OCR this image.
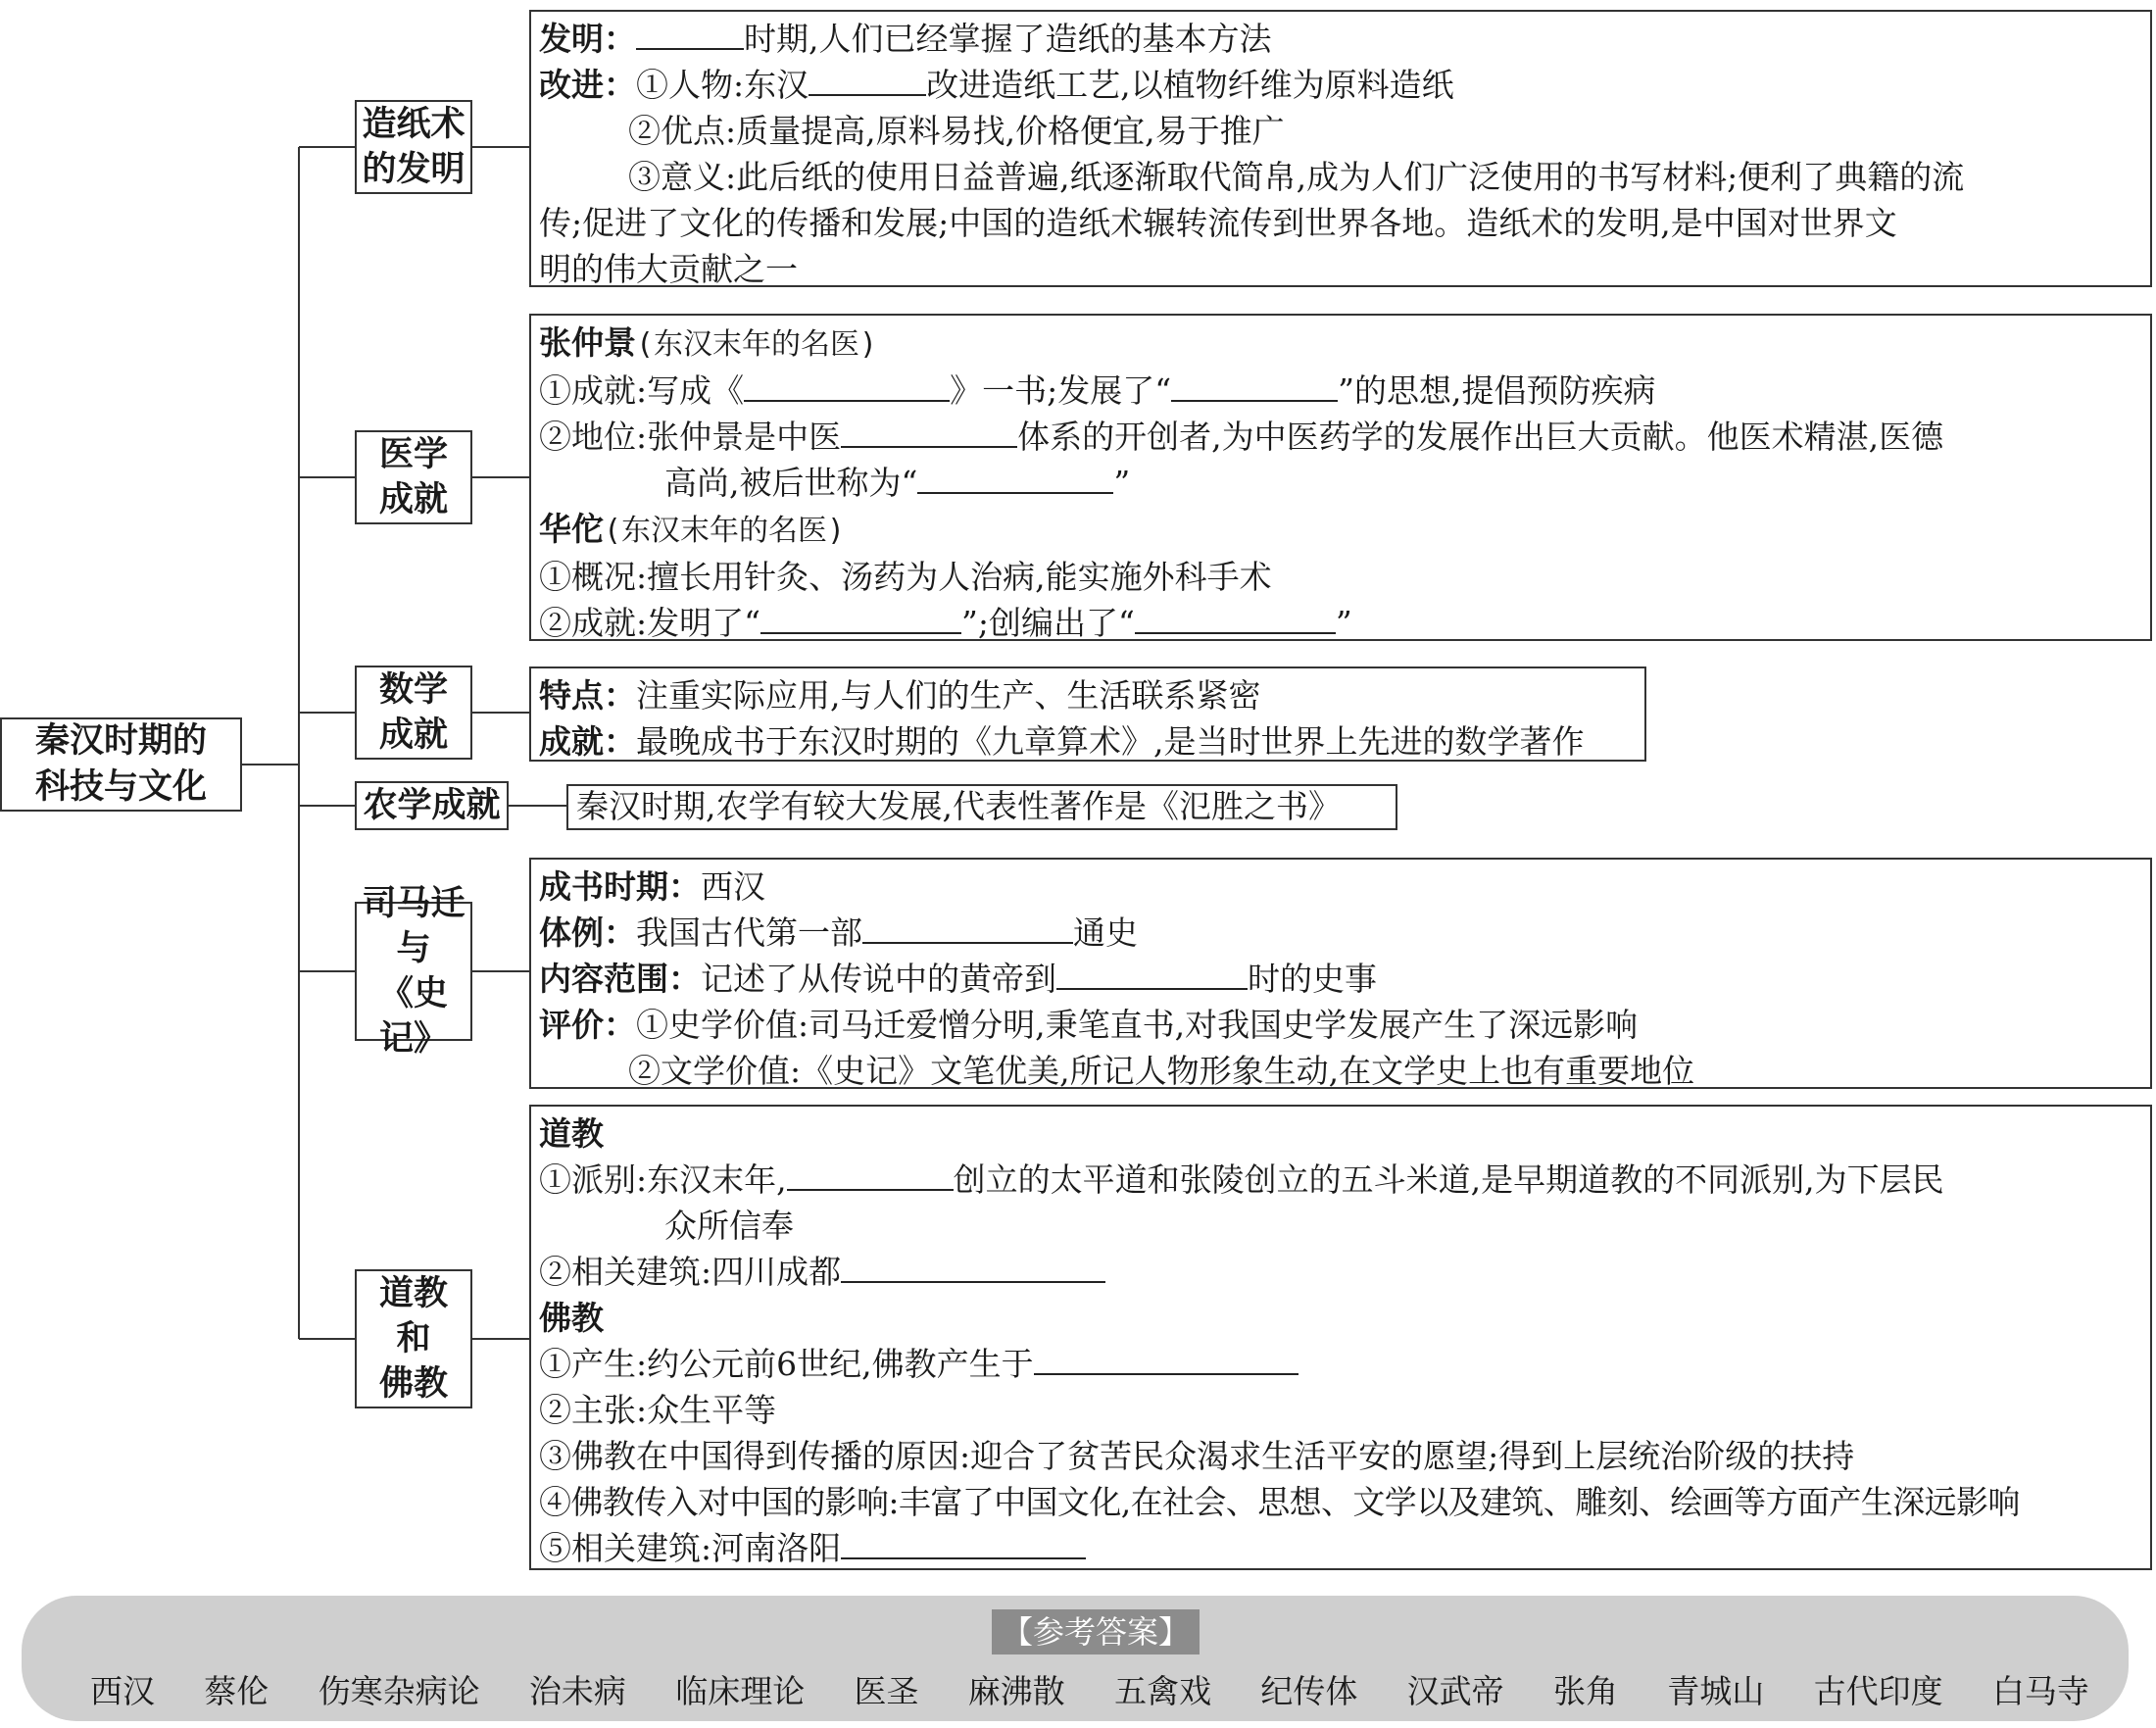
秦汉时期的
科技与文化
造纸术
的发明
发明：	时期,人们已经掌握了造纸的基本方法
改进：①人物:东汉	改进造纸工艺,以植物纤维为原料造纸
②优点:质量提高,原料易找,价格便宜,易于推广
③意义:此后纸的使用日益普遍,纸逐渐取代简帛,成为人们广泛使用的书写材料;便利了典籍的流
传;促进了文化的传播和发展;中国的造纸术辗转流传到世界各地。造纸术的发明,是中国对世界文
明的伟大贡献之一
医学
成就
张仲景(东汉末年的名医)
①成就:写成《	》一书;发展了“	”的思想,提倡预防疾病
②地位:张仲景是中医	体系的开创者,为中医药学的发展作出巨大贡献。他医术精湛,医德
高尚,被后世称为“	”
华佗(东汉末年的名医)
①概况:擅长用针灸、汤药为人治病,能实施外科手术
②成就:发明了“	”;创编出了“	”
数学
成就
特点：注重实际应用,与人们的生产、生活联系紧密
成就：最晚成书于东汉时期的《九章算术》,是当时世界上先进的数学著作
农学成就 秦汉时期,农学有较大发展,代表性著作是《氾胜之书》
司马迁
与
《史记》
成书时期：西汉
体例：我国古代第一部	通史
内容范围：记述了从传说中的黄帝到	时的史事
评价：①史学价值:司马迁爱憎分明,秉笔直书,对我国史学发展产生了深远影响
②文学价值:《史记》文笔优美,所记人物形象生动,在文学史上也有重要地位
道教
和
佛教
道教
①派别:东汉末年,	创立的太平道和张陵创立的五斗米道,是早期道教的不同派别,为下层民
众所信奉
②相关建筑:四川成都
佛教
①产生:约公元前6世纪,佛教产生于
②主张:众生平等
③佛教在中国得到传播的原因:迎合了贫苦民众渴求生活平安的愿望;得到上层统治阶级的扶持
④佛教传入对中国的影响:丰富了中国文化,在社会、思想、文学以及建筑、雕刻、绘画等方面产生深远影响
⑤相关建筑:河南洛阳
【参考答案】
西汉 蔡伦 伤寒杂病论 治未病 临床理论 医圣 麻沸散 五禽戏 纪传体 汉武帝 张角 青城山 古代印度 白马寺
